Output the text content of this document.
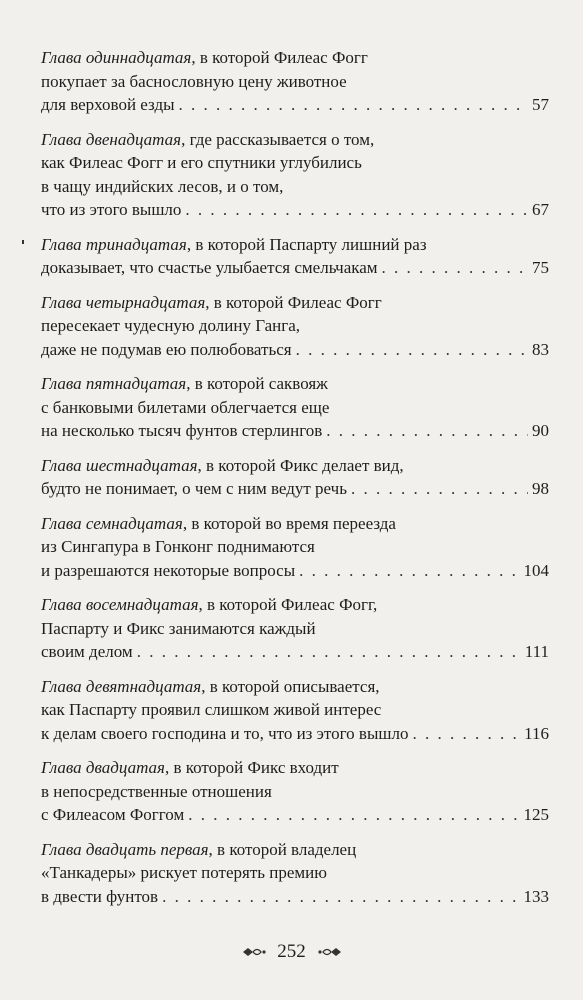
Глава одиннадцатая, в которой Филеас Фогг
покупает за баснословную цену животное
для верховой езды . . .	57
Глава двенадцатая, где рассказывается о том,
как Филеас Фогг и его спутники углубились
в чащу индийских лесов, и о том,
что из этого вышло . . .	67
Глава тринадцатая, в которой Паспарту лишний раз
доказывает, что счастье улыбается смельчакам . . .	75
Глава четырнадцатая, в которой Филеас Фогг
пересекает чудесную долину Ганга,
даже не подумав ею полюбоваться . . .	83
Глава пятнадцатая, в которой саквояж
с банковыми билетами облегчается еще
на несколько тысяч фунтов стерлингов . . .	90
Глава шестнадцатая, в которой Фикс делает вид,
будто не понимает, о чем с ним ведут речь . . .	98
Глава семнадцатая, в которой во время переезда
из Сингапура в Гонконг поднимаются
и разрешаются некоторые вопросы . . .	104
Глава восемнадцатая, в которой Филеас Фогг,
Паспарту и Фикс занимаются каждый
своим делом . . .	111
Глава девятнадцатая, в которой описывается,
как Паспарту проявил слишком живой интерес
к делам своего господина и то, что из этого вышло . . .	116
Глава двадцатая, в которой Фикс входит
в непосредственные отношения
с Филеасом Фоггом . . .	125
Глава двадцать первая, в которой владелец
«Танкадеры» рискует потерять премию
в двести фунтов . . .	133
252
